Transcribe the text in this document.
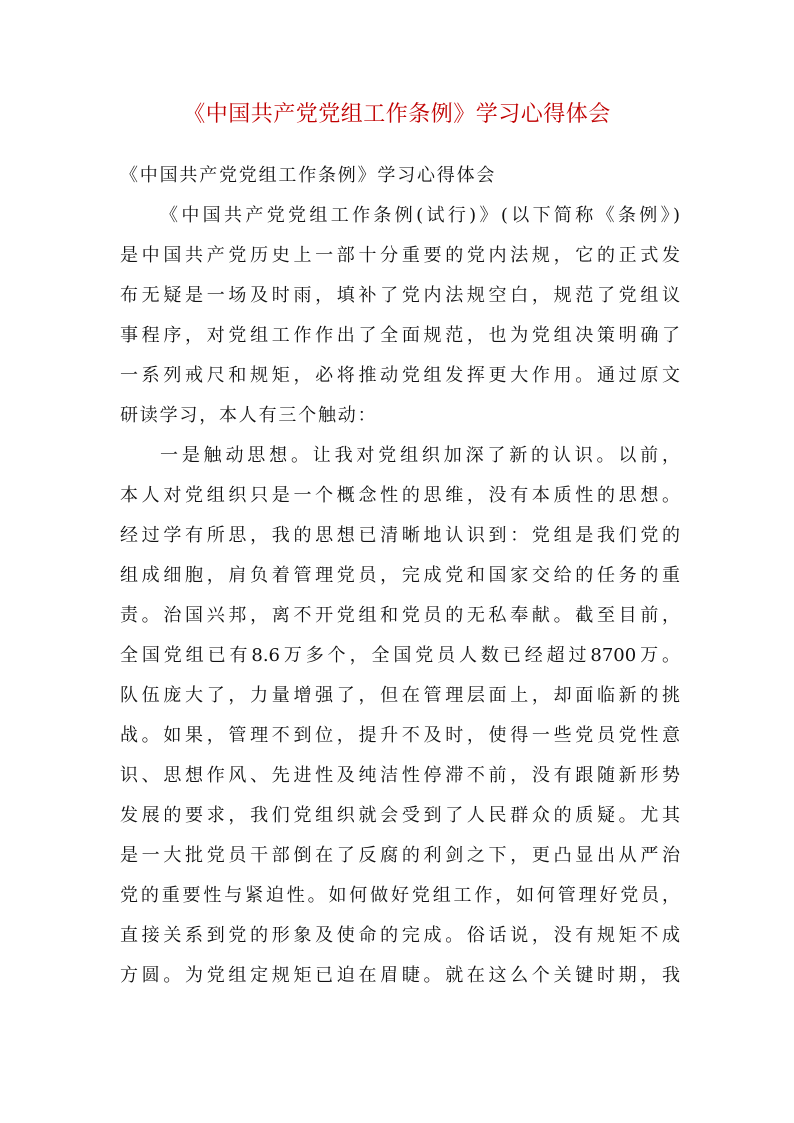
《中国共产党党组工作条例》学习心得体会
《中国共产党党组工作条例》学习心得体会
《中国共产党党组工作条例(试行)》(以下简称《条例》)
是中国共产党历史上一部十分重要的党内法规，它的正式发
布无疑是一场及时雨，填补了党内法规空白，规范了党组议
事程序，对党组工作作出了全面规范，也为党组决策明确了
一系列戒尺和规矩，必将推动党组发挥更大作用。通过原文
研读学习，本人有三个触动：
一是触动思想。让我对党组织加深了新的认识。以前，
本人对党组织只是一个概念性的思维，没有本质性的思想。
经过学有所思，我的思想已清晰地认识到：党组是我们党的
组成细胞，肩负着管理党员，完成党和国家交给的任务的重
责。治国兴邦，离不开党组和党员的无私奉献。截至目前，
全国党组已有8.6万多个，全国党员人数已经超过8700万。
队伍庞大了，力量增强了，但在管理层面上，却面临新的挑
战。如果，管理不到位，提升不及时，使得一些党员党性意
识、思想作风、先进性及纯洁性停滞不前，没有跟随新形势
发展的要求，我们党组织就会受到了人民群众的质疑。尤其
是一大批党员干部倒在了反腐的利剑之下，更凸显出从严治
党的重要性与紧迫性。如何做好党组工作，如何管理好党员，
直接关系到党的形象及使命的完成。俗话说，没有规矩不成
方圆。为党组定规矩已迫在眉睫。就在这么个关键时期，我
